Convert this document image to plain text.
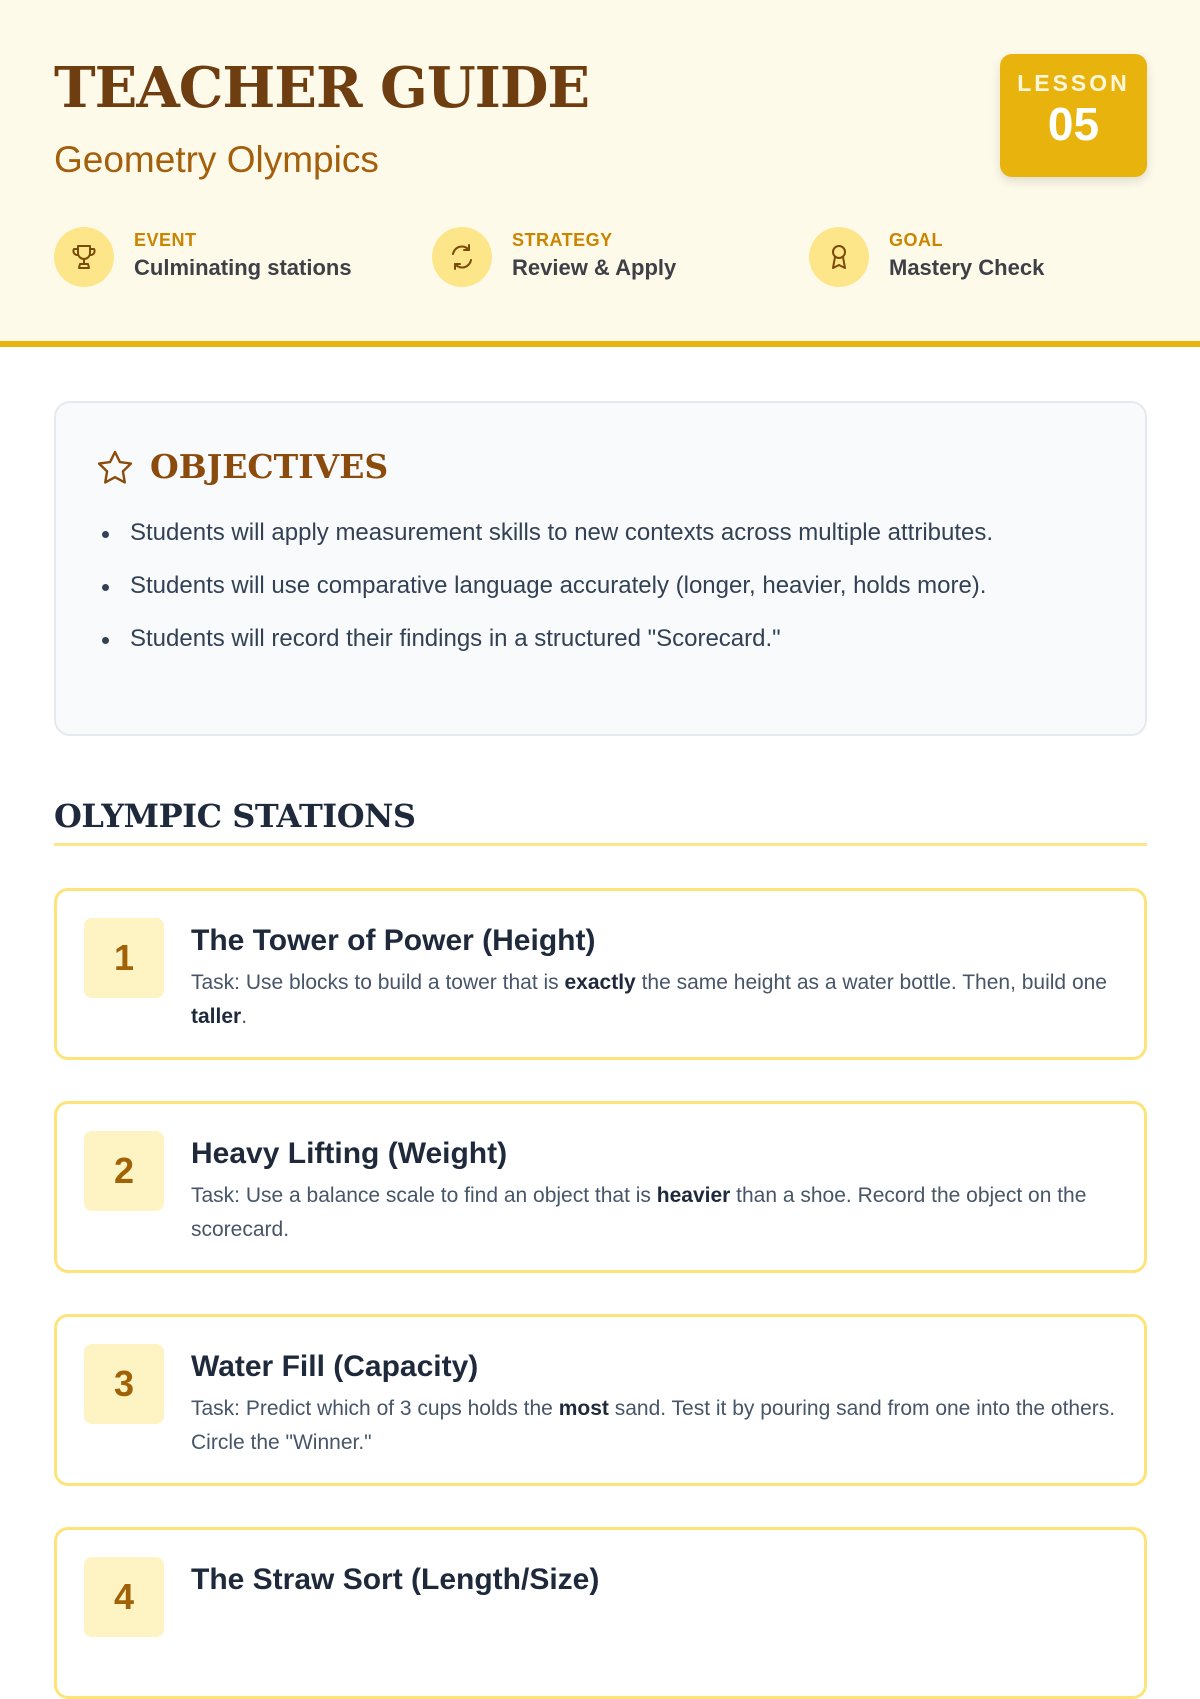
TEACHER GUIDE
Geometry Olympics
LESSON
05
EVENT
Culminating stations
STRATEGY
Review & Apply
GOAL
Mastery Check
OBJECTIVES
Students will apply measurement skills to new contexts across multiple attributes.
Students will use comparative language accurately (longer, heavier, holds more).
Students will record their findings in a structured "Scorecard."
OLYMPIC STATIONS
1	The Tower of Power (Height)
Task: Use blocks to build a tower that is exactly the same height as a water bottle. Then, build one taller.
2	Heavy Lifting (Weight)
Task: Use a balance scale to find an object that is heavier than a shoe. Record the object on the scorecard.
3	Water Fill (Capacity)
Task: Predict which of 3 cups holds the most sand. Test it by pouring sand from one into the others. Circle the "Winner."
4	The Straw Sort (Length/Size)
